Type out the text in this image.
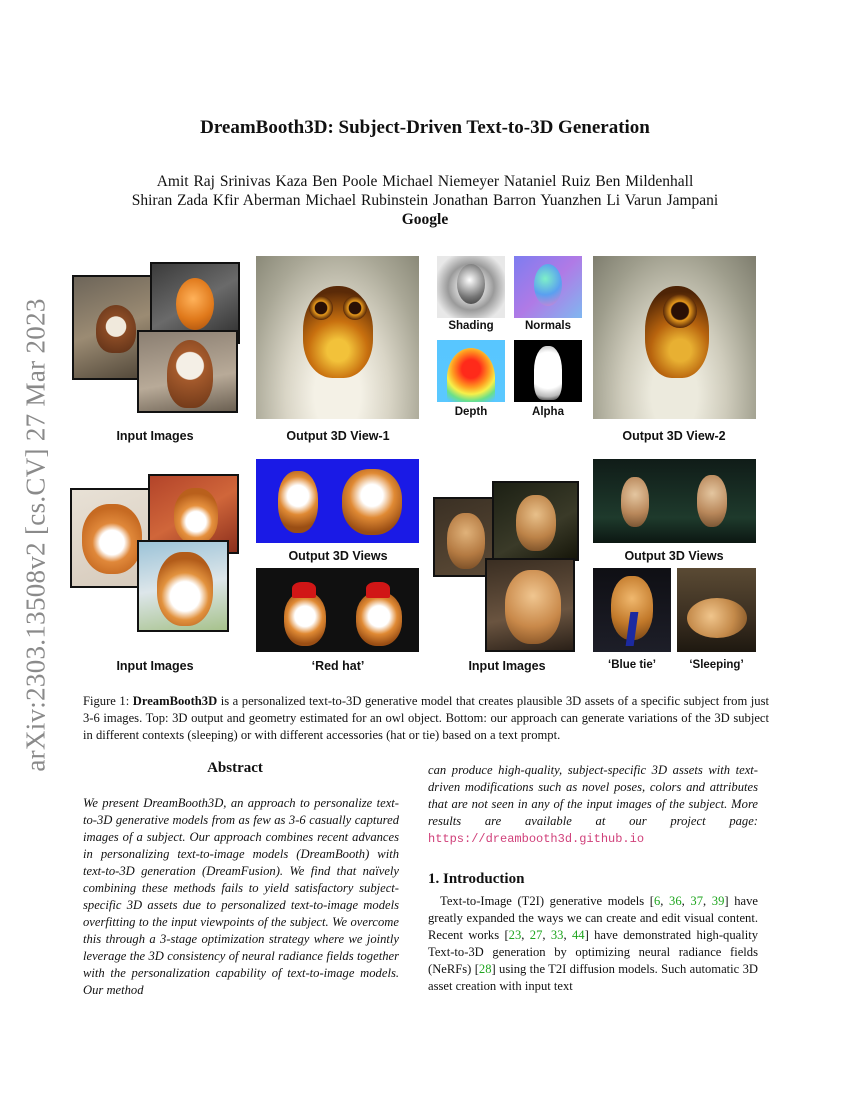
arXiv:2303.13508v2 [cs.CV] 27 Mar 2023
DreamBooth3D: Subject-Driven Text-to-3D Generation
Amit Raj Srinivas Kaza Ben Poole Michael Niemeyer Nataniel Ruiz Ben Mildenhall
Shiran Zada Kfir Aberman Michael Rubinstein Jonathan Barron Yuanzhen Li Varun Jampani
Google
Input Images	Output 3D View-1
Shading	Normals
Depth	Alpha
Output 3D View-2
Input Images
Output 3D Views
‘Red hat’	Input Images
Output 3D Views
‘Blue tie’	‘Sleeping’
Figure 1: DreamBooth3D is a personalized text-to-3D generative model that creates plausible 3D assets of a specific subject from just 3-6 images. Top: 3D output and geometry estimated for an owl object. Bottom: our approach can generate variations of the 3D subject in different contexts (sleeping) or with different accessories (hat or tie) based on a text prompt.
Abstract
We present DreamBooth3D, an approach to personalize text-to-3D generative models from as few as 3-6 casually captured images of a subject. Our approach combines recent advances in personalizing text-to-image models (DreamBooth) with text-to-3D generation (DreamFusion). We find that naïvely combining these methods fails to yield satisfactory subject-specific 3D assets due to personalized text-to-image models overfitting to the input viewpoints of the subject. We overcome this through a 3-stage optimization strategy where we jointly leverage the 3D consistency of neural radiance fields together with the personalization capability of text-to-image models. Our method
can produce high-quality, subject-specific 3D assets with text-driven modifications such as novel poses, colors and attributes that are not seen in any of the input images of the subject. More results are available at our project page: https://dreambooth3d.github.io
1. Introduction
Text-to-Image (T2I) generative models [6, 36, 37, 39] have greatly expanded the ways we can create and edit visual content. Recent works [23, 27, 33, 44] have demonstrated high-quality Text-to-3D generation by optimizing neural radiance fields (NeRFs) [28] using the T2I diffusion models. Such automatic 3D asset creation with input text
